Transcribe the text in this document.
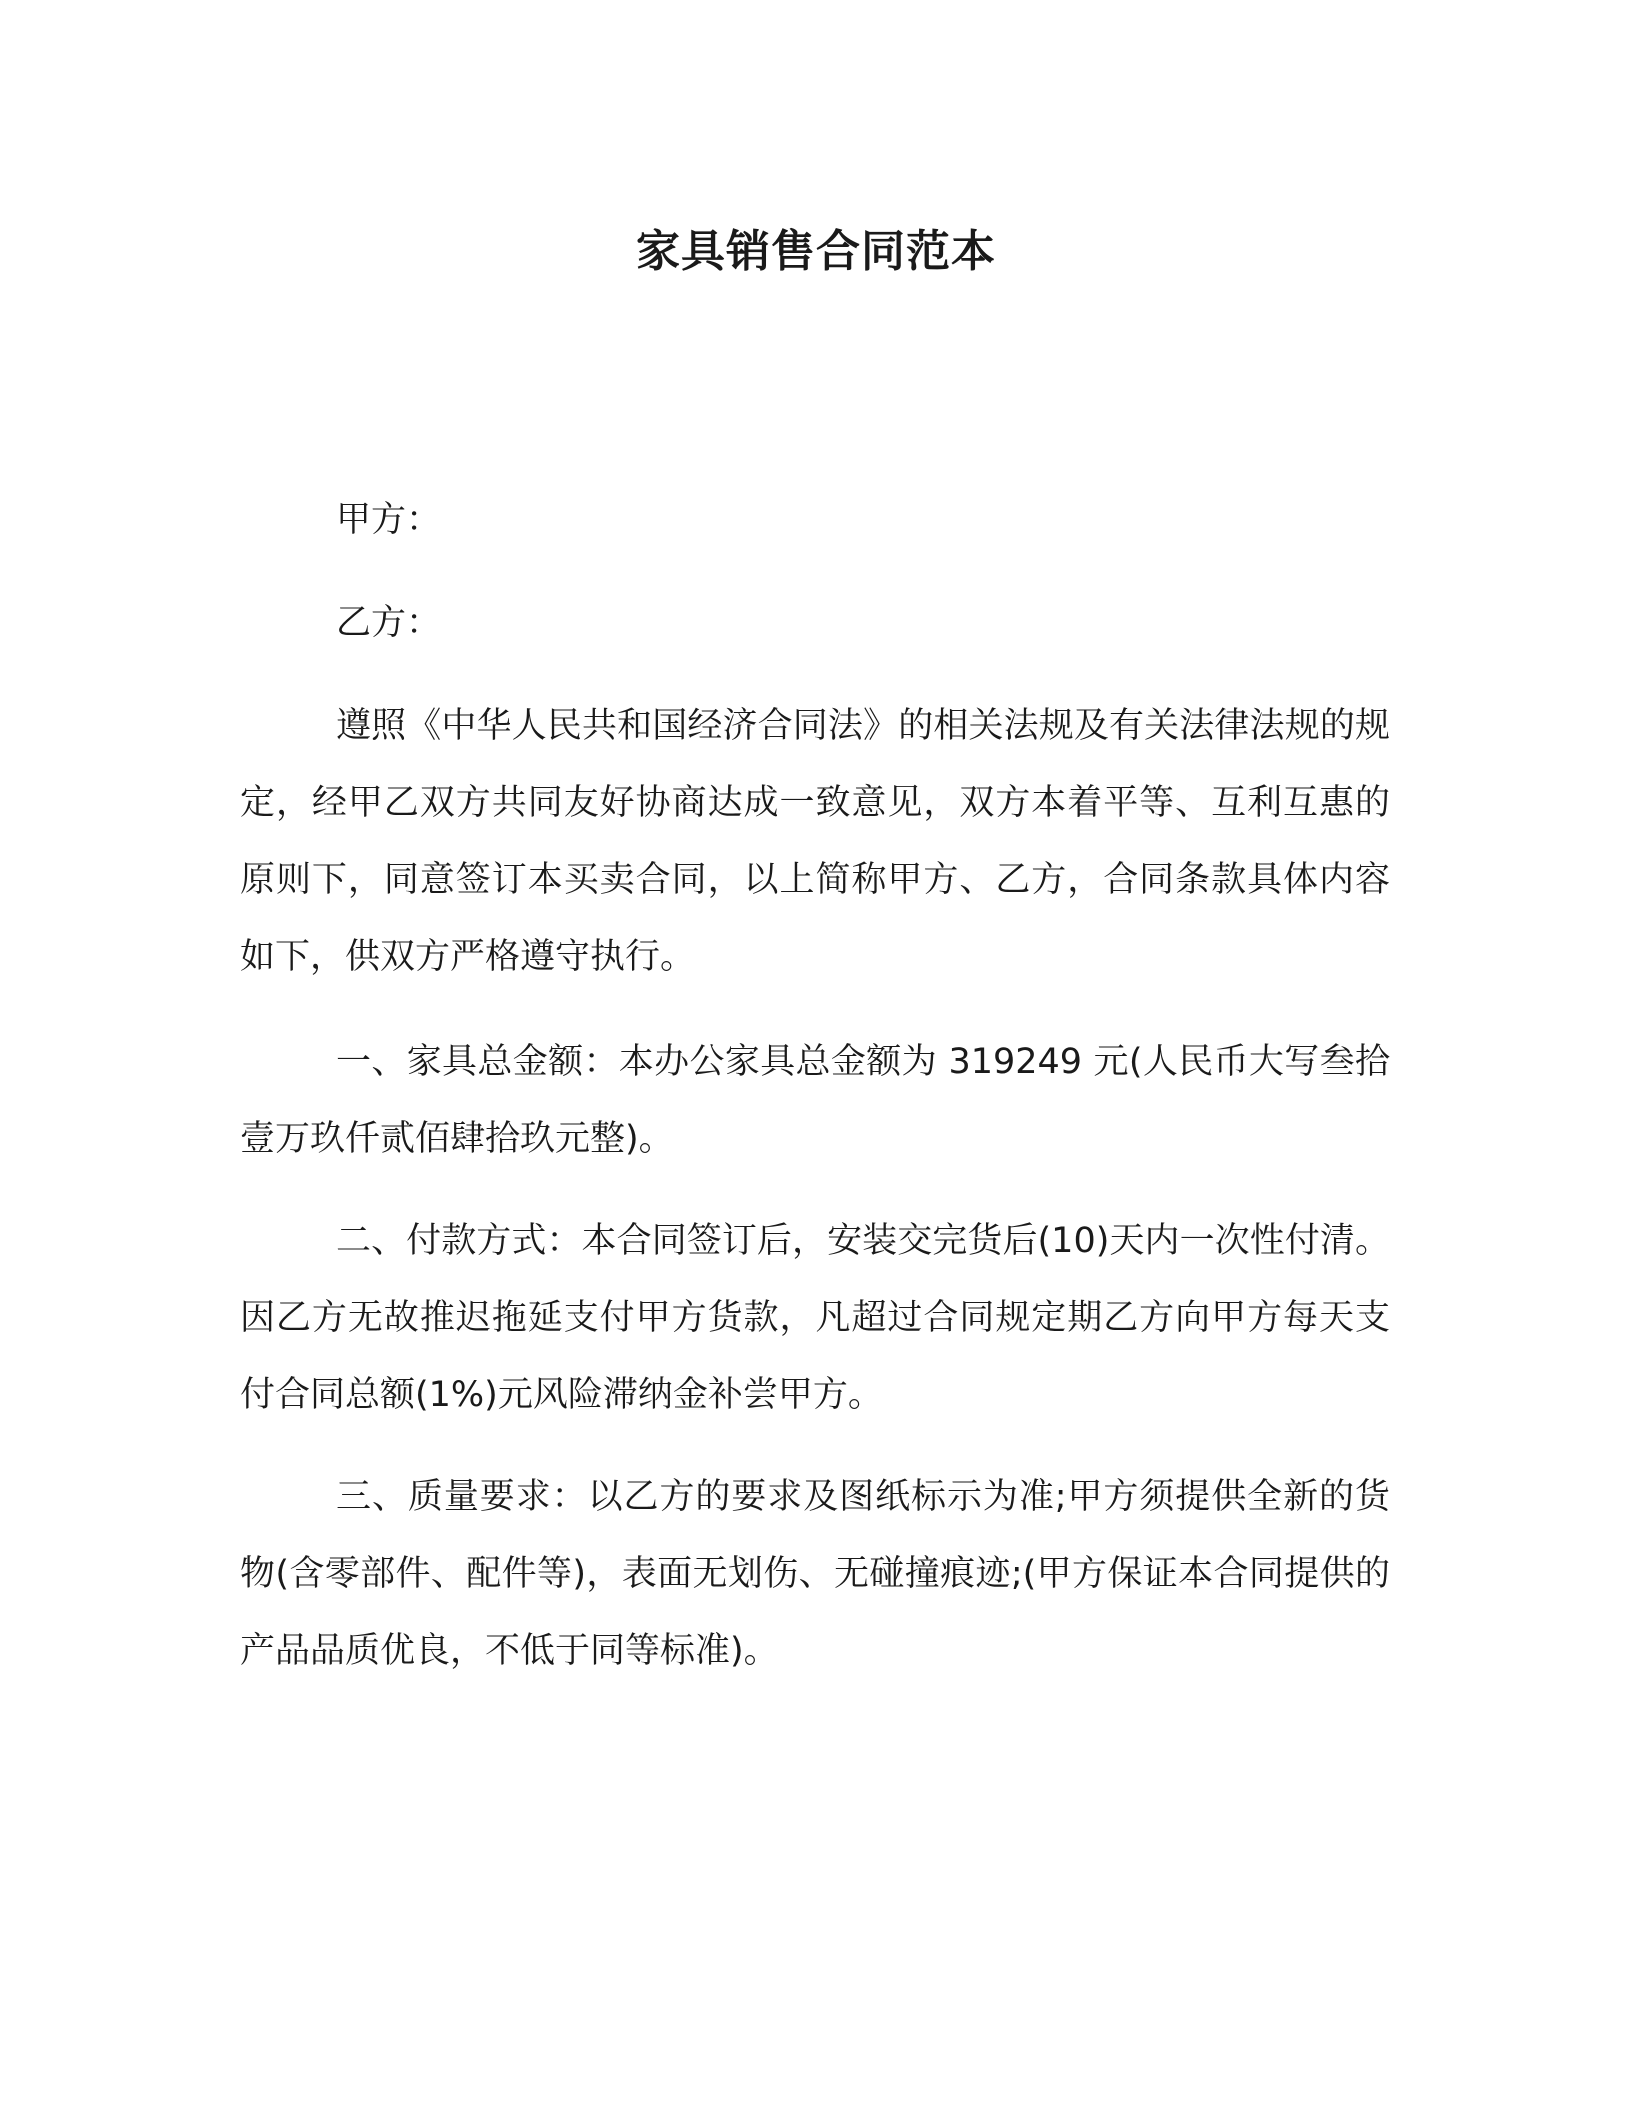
家具销售合同范本
甲方：
乙方：

遵照《中华人民共和国经济合同法》的相关法规及有关法律法规的规定，经甲乙双方共同友好协商达成一致意见，双方本着平等、互利互惠的原则下，同意签订本买卖合同，以上简称甲方、乙方，合同条款具体内容如下，供双方严格遵守执行。

一、家具总金额：本办公家具总金额为 319249 元(人民币大写叁拾壹万玖仟贰佰肆拾玖元整)。

二、付款方式：本合同签订后，安装交完货后(10)天内一次性付清。因乙方无故推迟拖延支付甲方货款，凡超过合同规定期乙方向甲方每天支付合同总额(1%)元风险滞纳金补尝甲方。

三、质量要求：以乙方的要求及图纸标示为准;甲方须提供全新的货物(含零部件、配件等)，表面无划伤、无碰撞痕迹;(甲方保证本合同提供的产品品质优良，不低于同等标准)。
